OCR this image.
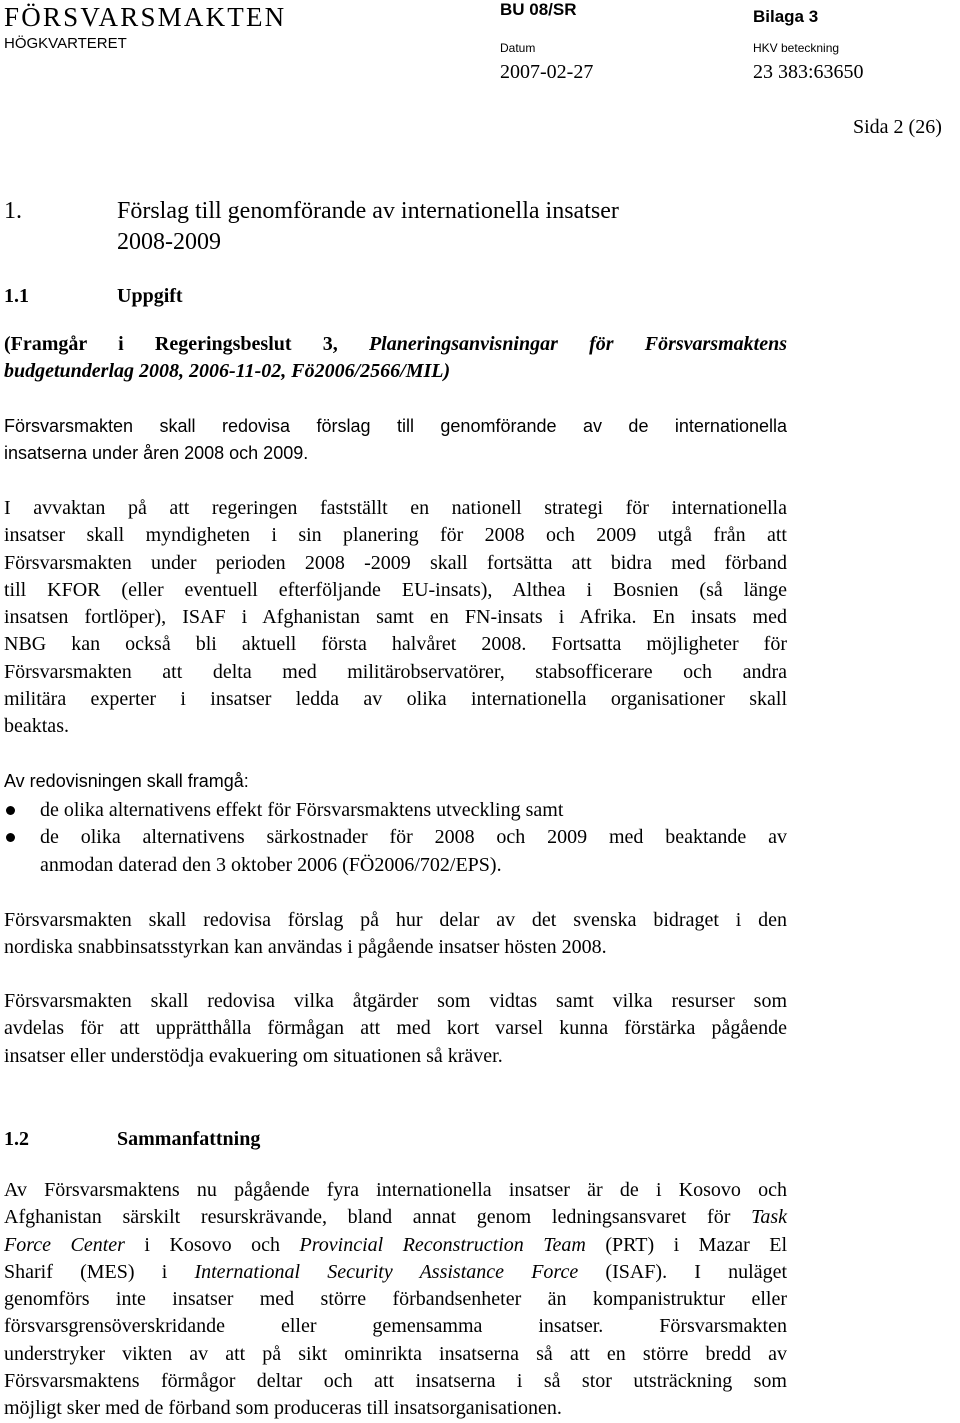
FÖRSVARSMAKTEN
HÖGKVARTERET
BU 08/SR	Bilaga 3
Datum	HKV beteckning
2007-02-27	23 383:63650
Sida 2 (26)
1.	Förslag till genomförande av internationella insatser
2008-2009
1.1	Uppgift
(Framgår i Regeringsbeslut 3, Planeringsanvisningar för Försvarsmaktens
budgetunderlag 2008, 2006-11-02, Fö2006/2566/MIL)
Försvarsmakten skall redovisa förslag till genomförande av de internationella
insatserna under åren 2008 och 2009.
I avvaktan på att regeringen fastställt en nationell strategi för internationella
insatser skall myndigheten i sin planering för 2008 och 2009 utgå från att
Försvarsmakten under perioden 2008 -2009 skall fortsätta att bidra med förband
till KFOR (eller eventuell efterföljande EU-insats), Althea i Bosnien (så länge
insatsen fortlöper), ISAF i Afghanistan samt en FN-insats i Afrika. En insats med
NBG kan också bli aktuell första halvåret 2008. Fortsatta möjligheter för
Försvarsmakten att delta med militärobservatörer, stabsofficerare och andra
militära experter i insatser ledda av olika internationella organisationer skall
beaktas.
Av redovisningen skall framgå:
de olika alternativens effekt för Försvarsmaktens utveckling samt
de olika alternativens särkostnader för 2008 och 2009 med beaktande av
anmodan daterad den 3 oktober 2006 (FÖ2006/702/EPS).
Försvarsmakten skall redovisa förslag på hur delar av det svenska bidraget i den
nordiska snabbinsatsstyrkan kan användas i pågående insatser hösten 2008.
Försvarsmakten skall redovisa vilka åtgärder som vidtas samt vilka resurser som
avdelas för att upprätthålla förmågan att med kort varsel kunna förstärka pågående
insatser eller understödja evakuering om situationen så kräver.
1.2	Sammanfattning
Av Försvarsmaktens nu pågående fyra internationella insatser är de i Kosovo och
Afghanistan särskilt resurskrävande, bland annat genom ledningsansvaret för Task
Force Center i Kosovo och Provincial Reconstruction Team (PRT) i Mazar El
Sharif (MES) i International Security Assistance Force (ISAF). I nuläget
genomförs inte insatser med större förbandsenheter än kompanistruktur eller
försvarsgrensöverskridande eller gemensamma insatser. Försvarsmakten
understryker vikten av att på sikt ominrikta insatserna så att en större bredd av
Försvarsmaktens förmågor deltar och att insatserna i så stor utsträckning som
möjligt sker med de förband som produceras till insatsorganisationen.
